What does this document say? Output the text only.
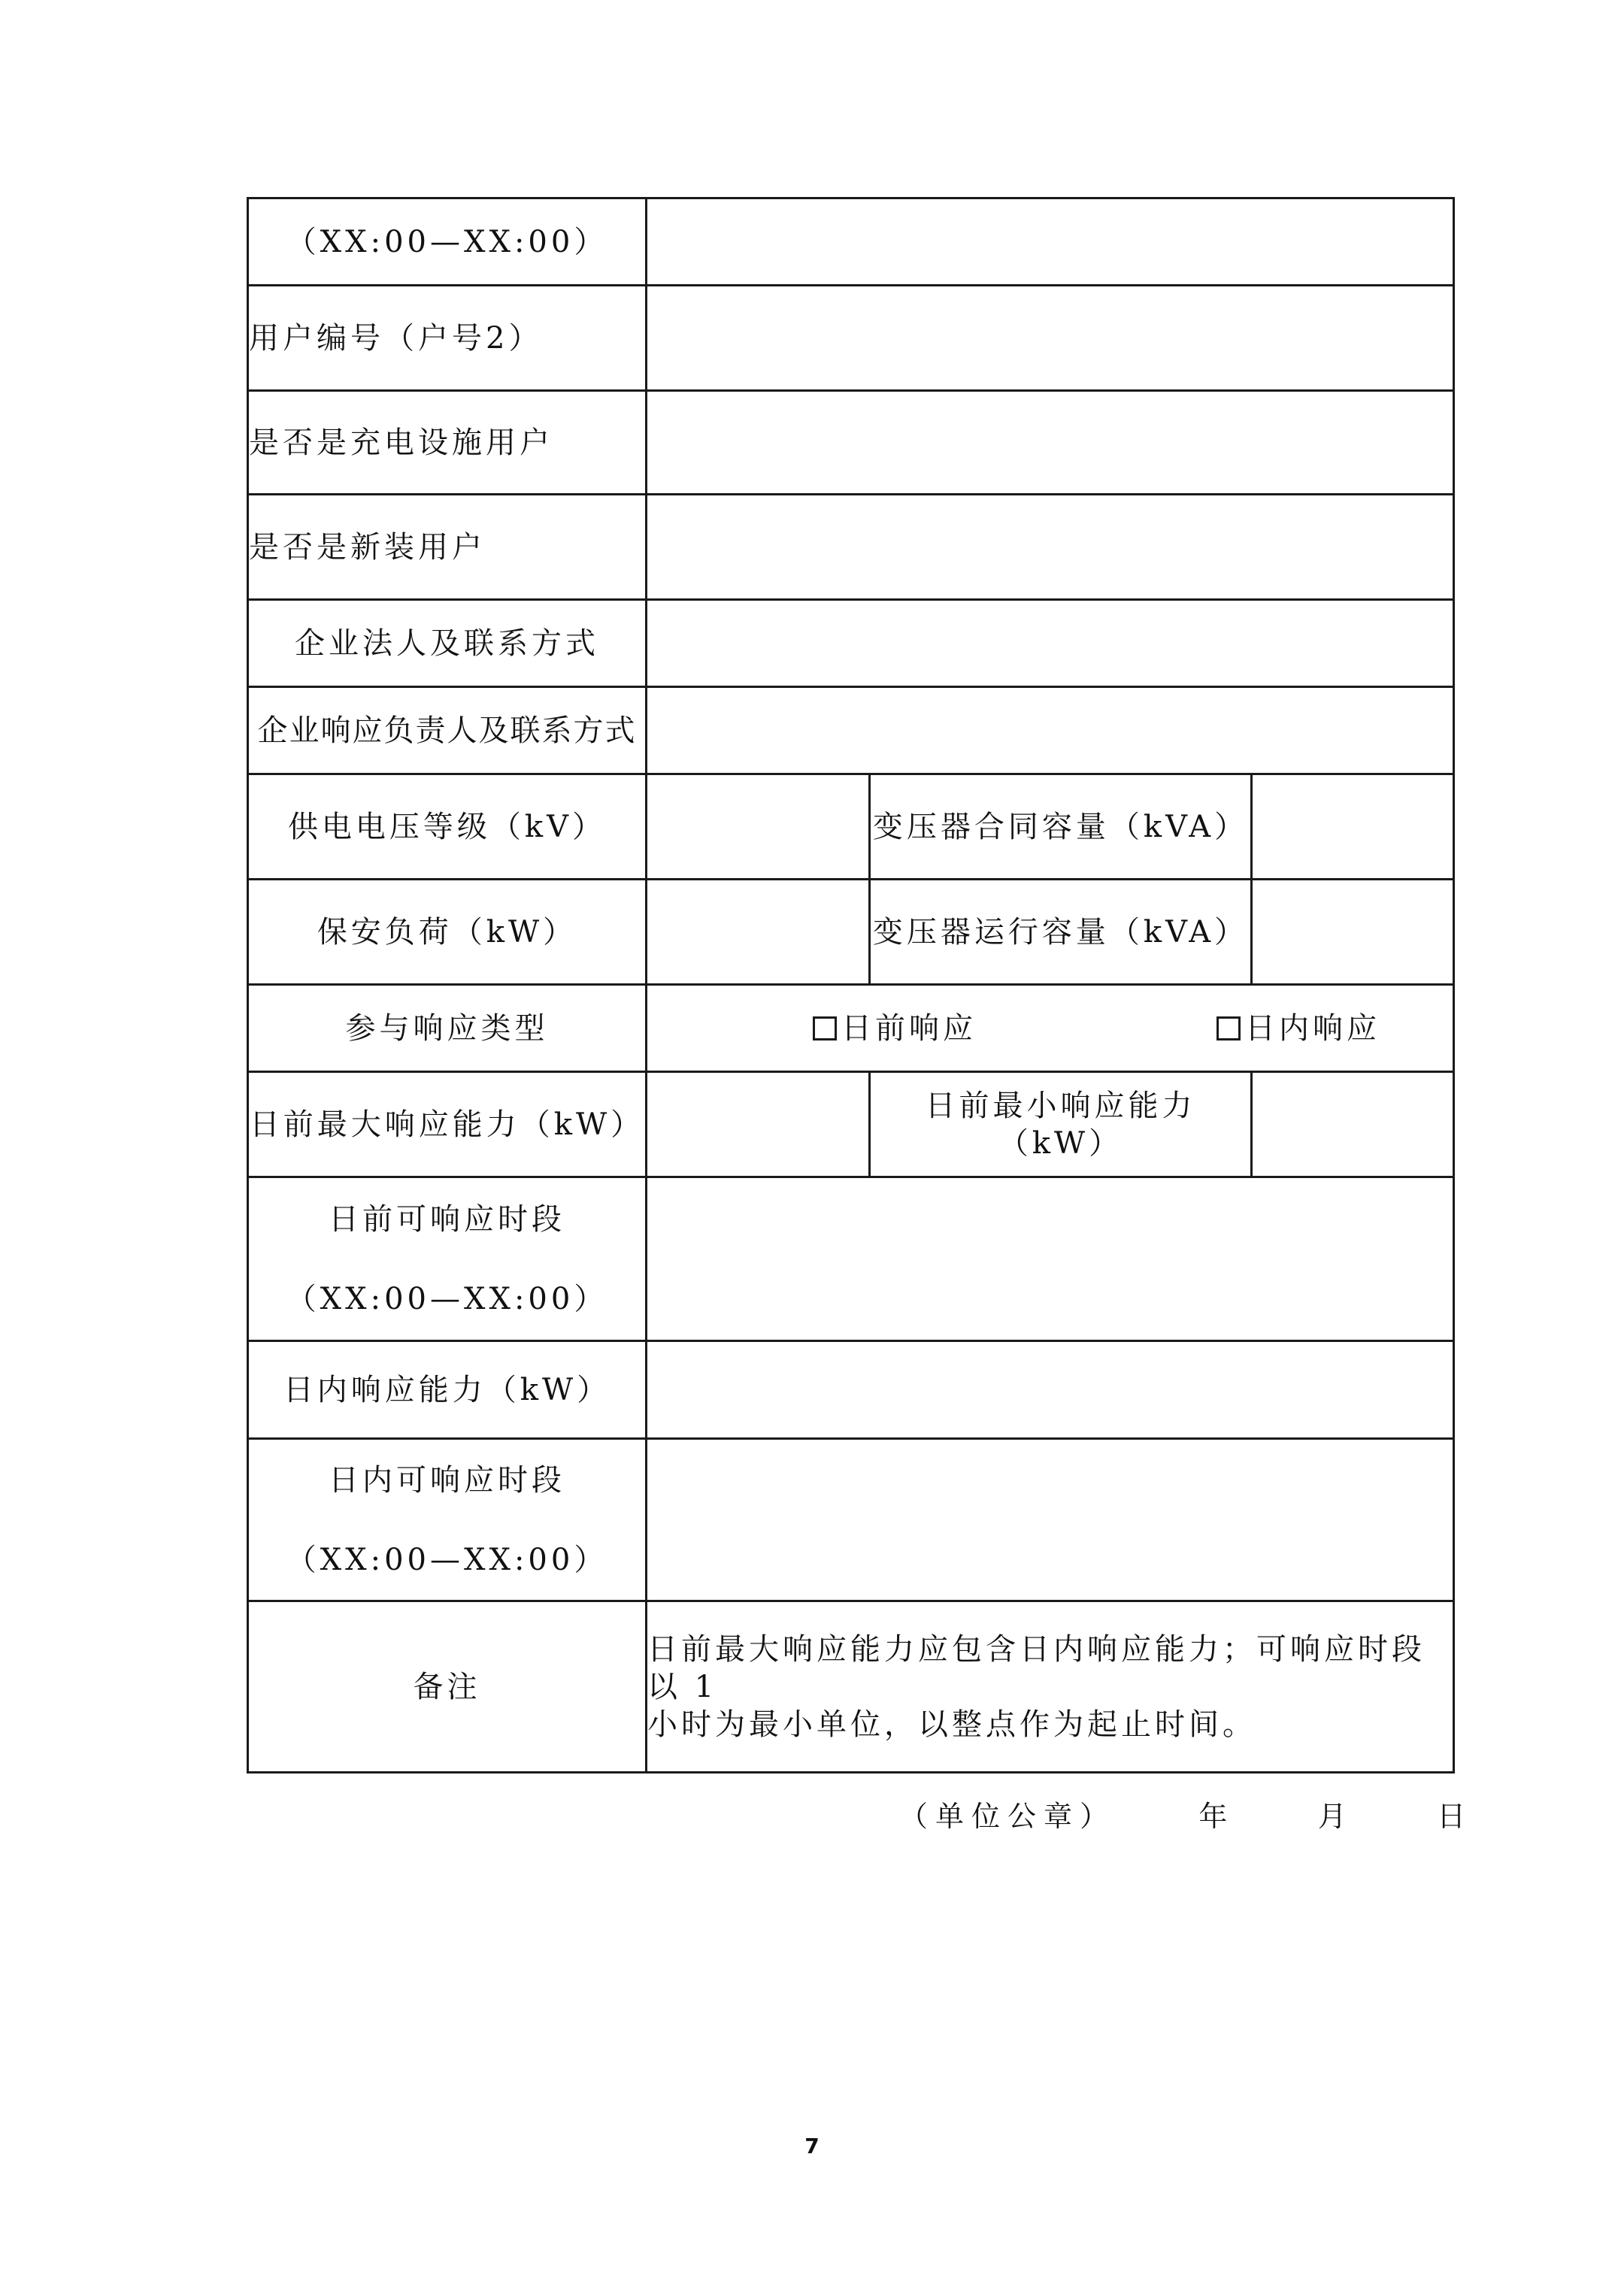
（XX:00—XX:00）			
用户编号（户号2）			
是否是充电设施用户			
是否是新装用户			
企业法人及联系方式			
企业响应负责人及联系方式			
供电电压等级（kV）		变压器合同容量（kVA）	
保安负荷（kW）		变压器运行容量（kVA）	
参与响应类型	日前响应 日内响应		

日前最大响应能力（kW）		日前最小响应能力（kW）	

日前可响应时段
（XX:00—XX:00）			

日内响应能力（kW）			

日内可响应时段
（XX:00—XX:00）			

备注	日前最大响应能力应包含日内响应能力；可响应时段以 1
小时为最小单位，以整点作为起止时间。		
（单位公章）	年	月	日
7
